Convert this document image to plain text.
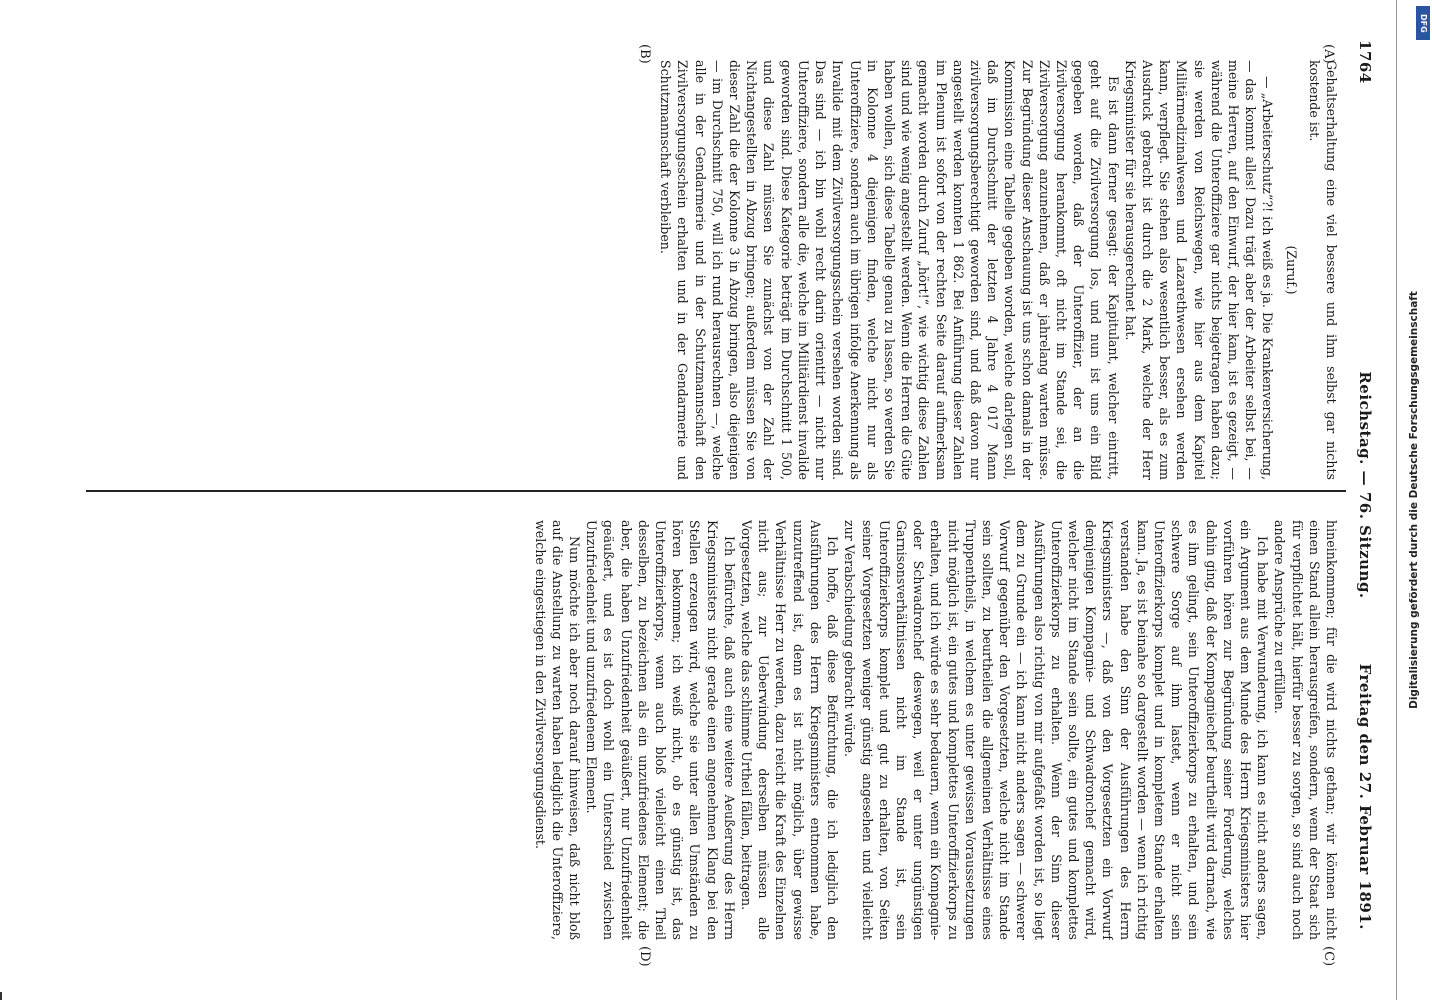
1764
Reichstag. — 76. Sitzung.
Freitag den 27. Februar 1891.
(A)
(B)
(C)
(D)

Gehaltserhaltung eine viel bessere und ihm selbst gar nichts kostende ist.

(Zuruf.)

— „Arbeiterschutz“?! ich weiß es ja. Die Krankenversicherung, — das kommt alles! Dazu trägt aber der Arbeiter selbst bei, — meine Herren, auf den Einwurf, der hier kam, ist es gezeigt, — während die Unteroffiziere gar nichts beigetragen haben dazu; sie werden von Reichswegen, wie hier aus dem Kapitel Militärmedizinalwesen und Lazarethwesen ersehen werden kann, verpflegt. Sie stehen also wesentlich besser, als es zum Ausdruck gebracht ist durch die 2 Mark, welche der Herr Kriegsminister für sie herausgerechnet hat.

Es ist dann ferner gesagt: der Kapitulant, welcher eintritt, geht auf die Zivilversorgung los, und nun ist uns ein Bild gegeben worden, daß der Unteroffizier, der an die Zivilversorgung herankommt, oft nicht im Stande sei, die Zivilversorgung anzunehmen, daß er jahrelang warten müsse. Zur Begründung dieser Anschauung ist uns schon damals in der Kommission eine Tabelle gegeben worden, welche darlegen soll, daß im Durchschnitt der letzten 4 Jahre 4 017 Mann zivilversorgungsberechtigt geworden sind, und daß davon nur angestellt werden konnten 1 862. Bei Anführung dieser Zahlen im Plenum ist sofort von der rechten Seite darauf aufmerksam gemacht worden durch Zuruf „hört!“, wie wichtig diese Zahlen sind und wie wenig angestellt werden. Wenn die Herren die Güte haben wollen, sich diese Tabelle genau zu lassen, so werden Sie in Kolonne 4 diejenigen finden, welche nicht nur als Unteroffiziere, sondern auch im übrigen infolge Anerkennung als Invalide mit dem Zivilversorgungsschein versehen worden sind. Das sind — ich bin wohl recht darin orientirt — nicht nur Unteroffiziere, sondern alle die, welche im Militärdienst invalide geworden sind. Diese Kategorie beträgt im Durchschnitt 1 500, und diese Zahl müssen Sie zunächst von der Zahl der Nichtangestellten in Abzug bringen; außerdem müssen Sie von dieser Zahl die der Kolonne 3 in Abzug bringen, also diejenigen — im Durchschnitt 750, will ich rund herausrechnen —, welche alle in der Gendarmerie und in der Schutzmannschaft den Zivilversorgungsschein erhalten und in der Gendarmerie und Schutzmannschaft verbleiben.

hineinkommen; für die wird nichts gethan; wir können nicht einen Stand allein herausgreifen, sondern, wenn der Staat sich für verpflichtet hält, hierfür besser zu sorgen, so sind auch noch andere Ansprüche zu erfüllen.

Ich habe mit Verwunderung, ich kann es nicht anders sagen, ein Argument aus dem Munde des Herrn Kriegsministers hier vorführen hören zur Begründung seiner Forderung, welches dahin ging, daß der Kompagniechef beurtheilt wird darnach, wie es ihm gelingt, sein Unteroffizierkorps zu erhalten, und sein schwere Sorge auf ihm lastet, wenn er nicht sein Unteroffizierkorps komplet und in kompletem Stande erhalten kann. Ja, es ist beinahe so dargestellt worden — wenn ich richtig verstanden habe den Sinn der Ausführungen des Herrn Kriegsministers —, daß von den Vorgesetzten ein Vorwurf demjenigen Kompagnie- und Schwadronchef gemacht wird, welcher nicht im Stande sein sollte, ein gutes und komplettes Unteroffizierkorps zu erhalten. Wenn der Sinn dieser Ausführungen also richtig von mir aufgefaßt worden ist, so liegt dem zu Grunde ein — ich kann nicht anders sagen — schwerer Vorwurf gegenüber den Vorgesetzten, welche nicht im Stande sein sollten, zu beurtheilen die allgemeinen Verhältnisse eines Truppentheils, in welchem es unter gewissen Voraussetzungen nicht möglich ist, ein gutes und komplettes Unteroffizierkorps zu erhalten, und ich würde es sehr bedauern, wenn ein Kompagnie- oder Schwadronchef deswegen, weil er unter ungünstigen Garnisonsverhältnissen nicht im Stande ist, sein Unteroffizierkorps komplet und gut zu erhalten, von Seiten seiner Vorgesetzten weniger günstig angesehen und vielleicht zur Verabschiedung gebracht würde.

Ich hoffe, daß diese Befürchtung, die ich lediglich den Ausführungen des Herrn Kriegsministers entnommen habe, unzutreffend ist, denn es ist nicht möglich, über gewisse Verhältnisse Herr zu werden, dazu reicht die Kraft des Einzelnen nicht aus; zur Ueberwindung derselben müssen alle Vorgesetzten, welche das schlimme Urtheil fällen, beitragen.

Ich befürchte, daß auch eine weitere Aeußerung des Herrn Kriegsministers nicht gerade einen angenehmen Klang bei den Stellen erzeugen wird, welche sie unter allen Umständen zu hören bekommen; ich weiß nicht, ob es günstig ist, das Unteroffizierkorps, wenn auch bloß vielleicht einen Theil desselben, zu bezeichnen als ein unzufriedenes Element; die aber, die haben Unzufriedenheit geäußert, nur Unzufriedenheit geäußert, und es ist doch wohl ein Unterschied zwischen Unzufriedenheit und unzufriedenem Element.

Nun möchte ich aber noch darauf hinweisen, daß nicht bloß auf die Anstellung zu warten haben lediglich die Unteroffiziere, welche eingestiegen in den Zivilversorgungsdienst.

DFG
Digitalisierung gefördert durch die Deutsche Forschungsgemeinschaft
